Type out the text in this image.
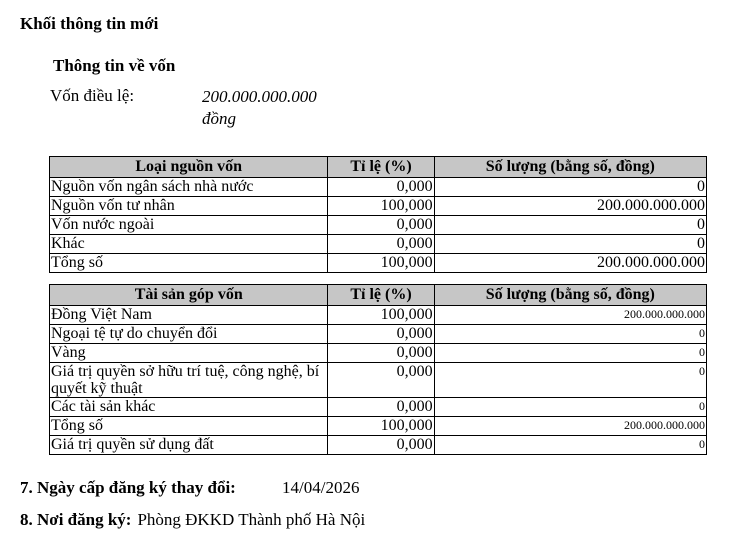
Khối thông tin mới
Thông tin về vốn
Vốn điều lệ:	200.000.000.000
đồng
Loại nguồn vốn	Tỉ lệ (%)	Số lượng (bằng số, đồng)
Nguồn vốn ngân sách nhà nước	0,000	0
Nguồn vốn tư nhân	100,000	200.000.000.000
Vốn nước ngoài	0,000	0
Khác	0,000	0
Tổng số	100,000	200.000.000.000
Tài sản góp vốn	Tỉ lệ (%)	Số lượng (bằng số, đồng)
Đồng Việt Nam	100,000	200.000.000.000
Ngoại tệ tự do chuyển đổi	0,000	0
Vàng	0,000	0
Giá trị quyền sở hữu trí tuệ, công nghệ, bí quyết kỹ thuật	0,000	0
Các tài sản khác	0,000	0
Tổng số	100,000	200.000.000.000
Giá trị quyền sử dụng đất	0,000	0
7. Ngày cấp đăng ký thay đổi:	14/04/2026
8. Nơi đăng ký: Phòng ĐKKD Thành phố Hà Nội
